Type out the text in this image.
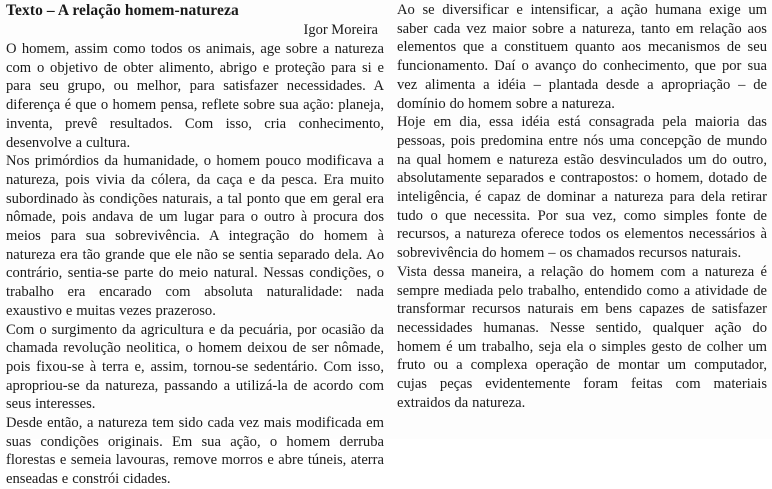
Texto – A relação homem-natureza
Igor Moreira

O homem, assim como todos os animais, age sobre a natureza com o objetivo de obter alimento, abrigo e proteção para si e para seu grupo, ou melhor, para satisfazer necessidades. A diferença é que o homem pensa, reflete sobre sua ação: planeja, inventa, prevê resultados. Com isso, cria conhecimento, desenvolve a cultura.

Nos primórdios da humanidade, o homem pouco modificava a natureza, pois vivia da cólera, da caça e da pesca. Era muito subordinado às condições naturais, a tal ponto que em geral era nômade, pois andava de um lugar para o outro à procura dos meios para sua sobrevivência. A integração do homem à natureza era tão grande que ele não se sentia separado dela. Ao contrário, sentia-se parte do meio natural. Nessas condições, o trabalho era encarado com absoluta naturalidade: nada exaustivo e muitas vezes prazeroso.

Com o surgimento da agricultura e da pecuária, por ocasião da chamada revolução neolitica, o homem deixou de ser nômade, pois fixou-se à terra e, assim, tornou-se sedentário. Com isso, apropriou-se da natureza, passando a utilizá-la de acordo com seus interesses.

Desde então, a natureza tem sido cada vez mais modificada em suas condições originais. Em sua ação, o homem derruba florestas e semeia lavouras, remove morros e abre túneis, aterra enseadas e constrói cidades.

Ao se diversificar e intensificar, a ação humana exige um saber cada vez maior sobre a natureza, tanto em relação aos elementos que a constituem quanto aos mecanismos de seu funcionamento. Daí o avanço do conhecimento, que por sua vez alimenta a idéia – plantada desde a apropriação – de domínio do homem sobre a natureza.

Hoje em dia, essa idéia está consagrada pela maioria das pessoas, pois predomina entre nós uma concepção de mundo na qual homem e natureza estão desvinculados um do outro, absolutamente separados e contrapostos: o homem, dotado de inteligência, é capaz de dominar a natureza para dela retirar tudo o que necessita. Por sua vez, como simples fonte de recursos, a natureza oferece todos os elementos necessários à sobrevivência do homem – os chamados recursos naturais.

Vista dessa maneira, a relação do homem com a natureza é sempre mediada pelo trabalho, entendido como a atividade de transformar recursos naturais em bens capazes de satisfazer necessidades humanas. Nesse sentido, qualquer ação do homem é um trabalho, seja ela o simples gesto de colher um fruto ou a complexa operação de montar um computador, cujas peças evidentemente foram feitas com materiais extraidos da natureza.
